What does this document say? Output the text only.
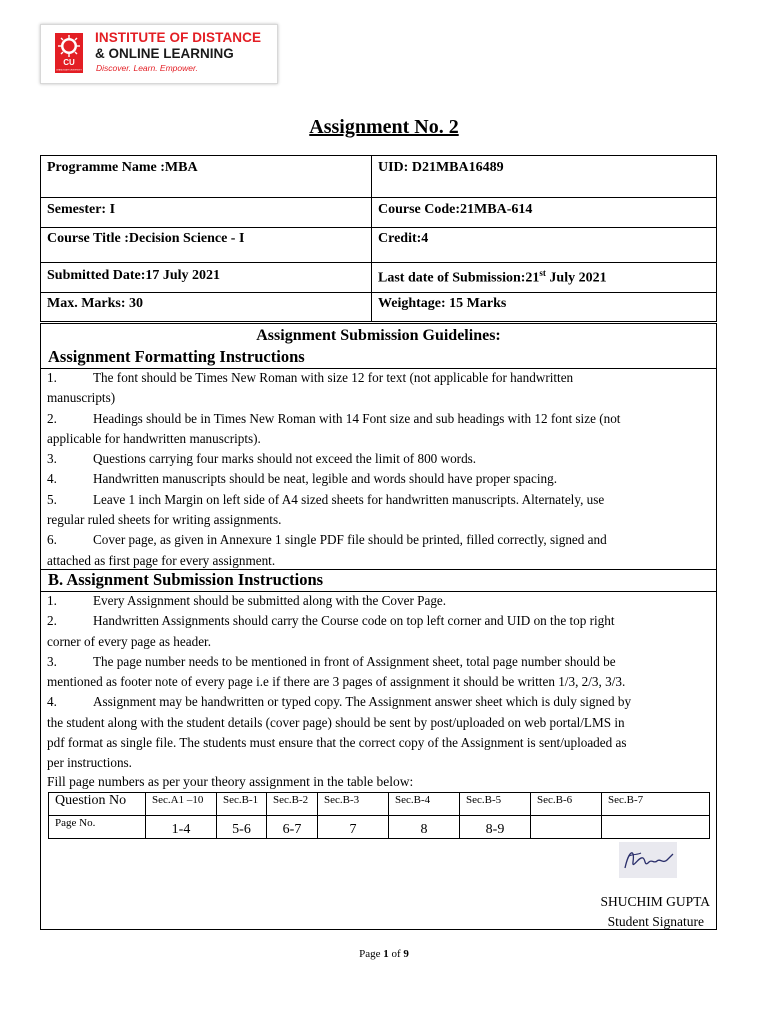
CU
CHANDIGARH UNIVERSITY
INSTITUTE OF DISTANCE
& ONLINE LEARNING
Discover. Learn. Empower.
Assignment No. 2
Programme Name :MBA	UID: D21MBA16489
Semester: I	Course Code:21MBA-614
Course Title :Decision Science - I	Credit:4
Submitted Date:17 July 2021	Last date of Submission:21st July 2021
Max. Marks: 30	Weightage: 15 Marks
Assignment Submission Guidelines:
Assignment Formatting Instructions
1.	The font should be Times New Roman with size 12 for text (not applicable for handwritten
manuscripts)
2.	Headings should be in Times New Roman with 14 Font size and sub headings with 12 font size (not
applicable for handwritten manuscripts).
3.	Questions carrying four marks should not exceed the limit of 800 words.
4.	Handwritten manuscripts should be neat, legible and words should have proper spacing.
5.	Leave 1 inch Margin on left side of A4 sized sheets for handwritten manuscripts. Alternately, use
regular ruled sheets for writing assignments.
6.	Cover page, as given in Annexure 1 single PDF file should be printed, filled correctly, signed and
attached as first page for every assignment.
B. Assignment Submission Instructions
1.	Every Assignment should be submitted along with the Cover Page.
2.	Handwritten Assignments should carry the Course code on top left corner and UID on the top right
corner of every page as header.
3.	The page number needs to be mentioned in front of Assignment sheet, total page number should be
mentioned as footer note of every page i.e if there are 3 pages of assignment it should be written 1/3, 2/3, 3/3.
4.	Assignment may be handwritten or typed copy. The Assignment answer sheet which is duly signed by
the student along with the student details (cover page) should be sent by post/uploaded on web portal/LMS in
pdf format as single file. The students must ensure that the correct copy of the Assignment is sent/uploaded as
per instructions.
Fill page numbers as per your theory assignment in the table below:
Question No	Sec.A1 –10	Sec.B-1	Sec.B-2	Sec.B-3	Sec.B-4	Sec.B-5	Sec.B-6	Sec.B-7
Page No.	1-4	5-6	6-7	7	8	8-9		
SHUCHIM GUPTA
Student Signature
Page 1 of 9
